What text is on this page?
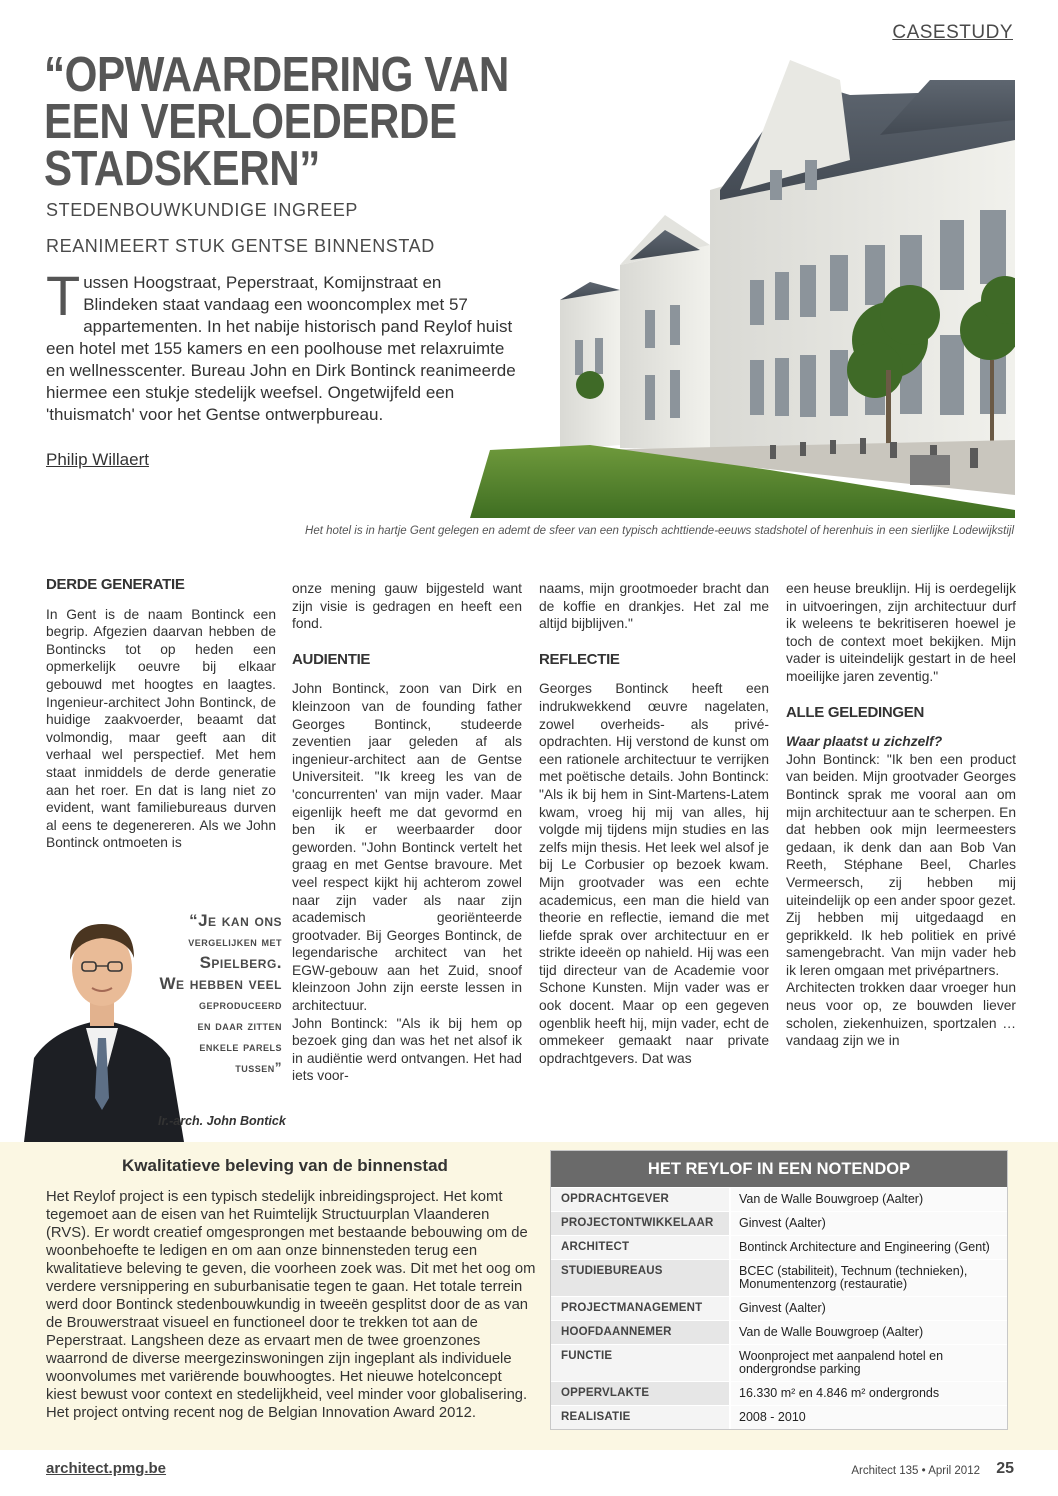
CASESTUDY
“OPWAARDERING VAN
EEN VERLOEDERDE STADSKERN”
STEDENBOUWKUNDIGE INGREEP
REANIMEERT STUK GENTSE BINNENSTAD
T ussen Hoogstraat, Peperstraat, Komijnstraat en Blindeken staat vandaag een wooncomplex met 57 appartementen. In het nabije historisch pand Reylof huist een hotel met 155 kamers en een poolhouse met relaxruimte en wellnesscenter. Bureau John en Dirk Bontinck reanimeerde hiermee een stukje stedelijk weefsel. Ongetwijfeld een 'thuismatch' voor het Gentse ontwerpbureau.
Philip Willaert
Het hotel is in hartje Gent gelegen en ademt de sfeer van een typisch achttiende-eeuws stadshotel of herenhuis in een sierlijke Lodewijkstijl
DERDE GENERATIE

In Gent is de naam Bontinck een begrip. Afgezien daarvan hebben de Bontincks tot op heden een opmerkelijk oeuvre bij elkaar gebouwd met hoogtes en laagtes. Ingenieur-architect John Bontinck, de huidige zaakvoerder, beaamt dat volmondig, maar geeft aan dit verhaal wel perspectief. Met hem staat inmiddels de derde generatie aan het roer. En dat is lang niet zo evident, want familiebureaus durven al eens te degenereren. Als we John Bontinck ontmoeten is

onze mening gauw bijgesteld want zijn visie is gedragen en heeft een fond.

AUDIENTIE

John Bontinck, zoon van Dirk en kleinzoon van de founding father Georges Bontinck, studeerde zeventien jaar geleden af als ingenieur-architect aan de Gentse Universiteit. "Ik kreeg les van de 'concurrenten' van mijn vader. Maar eigenlijk heeft me dat gevormd en ben ik er weerbaarder door geworden. "John Bontinck vertelt het graag en met Gentse bravoure. Met veel respect kijkt hij achterom zowel naar zijn vader als naar zijn academisch georiënteerde grootvader. Bij Georges Bontinck, de legendarische architect van het EGW-gebouw aan het Zuid, snoof kleinzoon John zijn eerste lessen in architectuur.

John Bontinck: "Als ik bij hem op bezoek ging dan was het net alsof ik in audiëntie werd ontvangen. Het had iets voor-

naams, mijn grootmoeder bracht dan de koffie en drankjes. Het zal me altijd bijblijven."

REFLECTIE

Georges Bontinck heeft een indrukwekkend œuvre nagelaten, zowel overheids- als privé-opdrachten. Hij verstond de kunst om een rationele architectuur te verrijken met poëtische details. John Bontinck: "Als ik bij hem in Sint-Martens-Latem kwam, vroeg hij mij van alles, hij volgde mij tijdens mijn studies en las zelfs mijn thesis. Het leek wel alsof je bij Le Corbusier op bezoek kwam. Mijn grootvader was een echte academicus, een man die hield van theorie en reflectie, iemand die met liefde sprak over architectuur en er strikte ideeën op nahield. Hij was een tijd directeur van de Academie voor Schone Kunsten. Mijn vader was er ook docent. Maar op een gegeven ogenblik heeft hij, mijn vader, echt de ommekeer gemaakt naar private opdrachtgevers. Dat was

een heuse breuklijn. Hij is oerdegelijk in uitvoeringen, zijn architectuur durf ik weleens te bekritiseren hoewel je toch de context moet bekijken. Mijn vader is uiteindelijk gestart in de heel moeilijke jaren zeventig."

ALLE GELEDINGEN

Waar plaatst u zichzelf?

John Bontinck: "Ik ben een product van beiden. Mijn grootvader Georges Bontinck sprak me vooral aan om mijn architectuur aan te scherpen. En dat hebben ook mijn leermeesters gedaan, ik denk dan aan Bob Van Reeth, Stéphane Beel, Charles Vermeersch, zij hebben mij uiteindelijk op een ander spoor gezet. Zij hebben mij uitgedaagd en geprikkeld. Ik heb politiek en privé samengebracht. Van mijn vader heb ik leren omgaan met privépartners.

Architecten trokken daar vroeger hun neus voor op, ze bouwden liever scholen, ziekenhuizen, sportzalen … vandaag zijn we in

“Je kan ons
vergelijken met
Spielberg.
We hebben veel
geproduceerd
en daar zitten
enkele parels
tussen”
Ir.-arch. John Bontick
Kwalitatieve beleving van de binnenstad
Het Reylof project is een typisch stedelijk inbreidingsproject. Het komt tegemoet aan de eisen van het Ruimtelijk Structuurplan Vlaanderen (RVS). Er wordt creatief omgesprongen met bestaande bebouwing om de woonbehoefte te ledigen en om aan onze binnensteden terug een kwalitatieve beleving te geven, die voorheen zoek was. Dit met het oog om verdere versnippering en suburbanisatie tegen te gaan. Het totale terrein werd door Bontinck stedenbouwkundig in tweeën gesplitst door de as van de Brouwerstraat visueel en functioneel door te trekken tot aan de Peperstraat. Langsheen deze as ervaart men de twee groenzones waarrond de diverse meergezinswoningen zijn ingeplant als individuele woonvolumes met variërende bouwhoogtes. Het nieuwe hotelconcept kiest bewust voor context en stedelijkheid, veel minder voor globalisering. Het project ontving recent nog de Belgian Innovation Award 2012.
HET REYLOF IN EEN NOTENDOP
OPDRACHTGEVER	Van de Walle Bouwgroep (Aalter)
PROJECTONTWIKKELAAR	Ginvest (Aalter)
ARCHITECT	Bontinck Architecture and Engineering (Gent)
STUDIEBUREAUS	BCEC (stabiliteit), Technum (technieken), Monumentenzorg (restauratie)
PROJECTMANAGEMENT	Ginvest (Aalter)
HOOFDAANNEMER	Van de Walle Bouwgroep (Aalter)
FUNCTIE	Woonproject met aanpalend hotel en ondergrondse parking
OPPERVLAKTE	16.330 m² en 4.846 m² ondergronds
REALISATIE	2008 - 2010
architect.pmg.be	Architect 135 • April 2012 25
